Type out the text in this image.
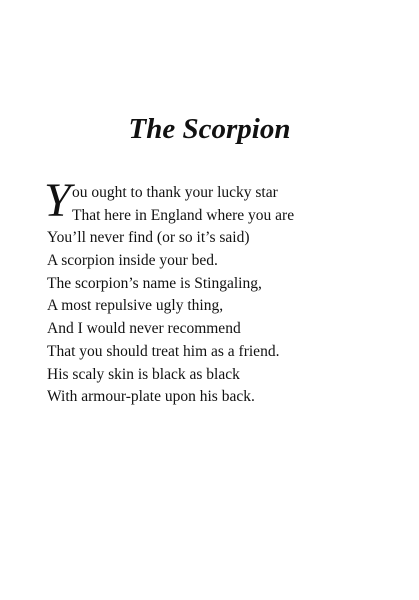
The Scorpion
Y ou ought to thank your lucky star
That here in England where you are
You’ll never find (or so it’s said)
A scorpion inside your bed.
The scorpion’s name is Stingaling,
A most repulsive ugly thing,
And I would never recommend
That you should treat him as a friend.
His scaly skin is black as black
With armour-plate upon his back.
